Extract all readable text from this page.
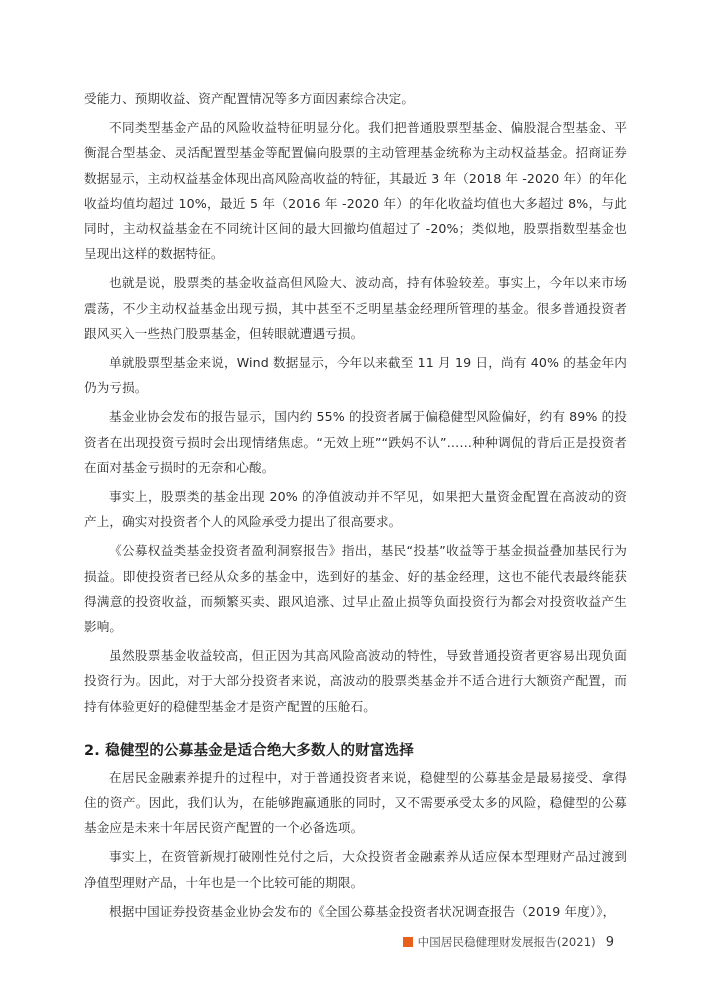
受能力、预期收益、资产配置情况等多方面因素综合决定。

不同类型基金产品的风险收益特征明显分化。我们把普通股票型基金、偏股混合型基金、平衡混合型基金、灵活配置型基金等配置偏向股票的主动管理基金统称为主动权益基金。招商证券数据显示，主动权益基金体现出高风险高收益的特征，其最近 3 年（2018 年 -2020 年）的年化收益均值均超过 10%，最近 5 年（2016 年 -2020 年）的年化收益均值也大多超过 8%，与此同时，主动权益基金在不同统计区间的最大回撤均值超过了 -20%；类似地，股票指数型基金也呈现出这样的数据特征。

也就是说，股票类的基金收益高但风险大、波动高，持有体验较差。事实上，今年以来市场震荡，不少主动权益基金出现亏损，其中甚至不乏明星基金经理所管理的基金。很多普通投资者跟风买入一些热门股票基金，但转眼就遭遇亏损。

单就股票型基金来说，Wind 数据显示，今年以来截至 11 月 19 日，尚有 40% 的基金年内仍为亏损。

基金业协会发布的报告显示，国内约 55% 的投资者属于偏稳健型风险偏好，约有 89% 的投资者在出现投资亏损时会出现情绪焦虑。“无效上班”“跌妈不认”……种种调侃的背后正是投资者在面对基金亏损时的无奈和心酸。

事实上，股票类的基金出现 20% 的净值波动并不罕见，如果把大量资金配置在高波动的资产上，确实对投资者个人的风险承受力提出了很高要求。

《公募权益类基金投资者盈利洞察报告》指出，基民“投基”收益等于基金损益叠加基民行为损益。即使投资者已经从众多的基金中，选到好的基金、好的基金经理，这也不能代表最终能获得满意的投资收益，而频繁买卖、跟风追涨、过早止盈止损等负面投资行为都会对投资收益产生影响。

虽然股票基金收益较高，但正因为其高风险高波动的特性，导致普通投资者更容易出现负面投资行为。因此，对于大部分投资者来说，高波动的股票类基金并不适合进行大额资产配置，而持有体验更好的稳健型基金才是资产配置的压舱石。

2. 稳健型的公募基金是适合绝大多数人的财富选择

在居民金融素养提升的过程中，对于普通投资者来说，稳健型的公募基金是最易接受、拿得住的资产。因此，我们认为，在能够跑赢通胀的同时，又不需要承受太多的风险，稳健型的公募基金应是未来十年居民资产配置的一个必备选项。

事实上，在资管新规打破刚性兑付之后，大众投资者金融素养从适应保本型理财产品过渡到净值型理财产品，十年也是一个比较可能的期限。

根据中国证券投资基金业协会发布的《全国公募基金投资者状况调查报告（2019 年度）》，

中国居民稳健理财发展报告(2021) 9
